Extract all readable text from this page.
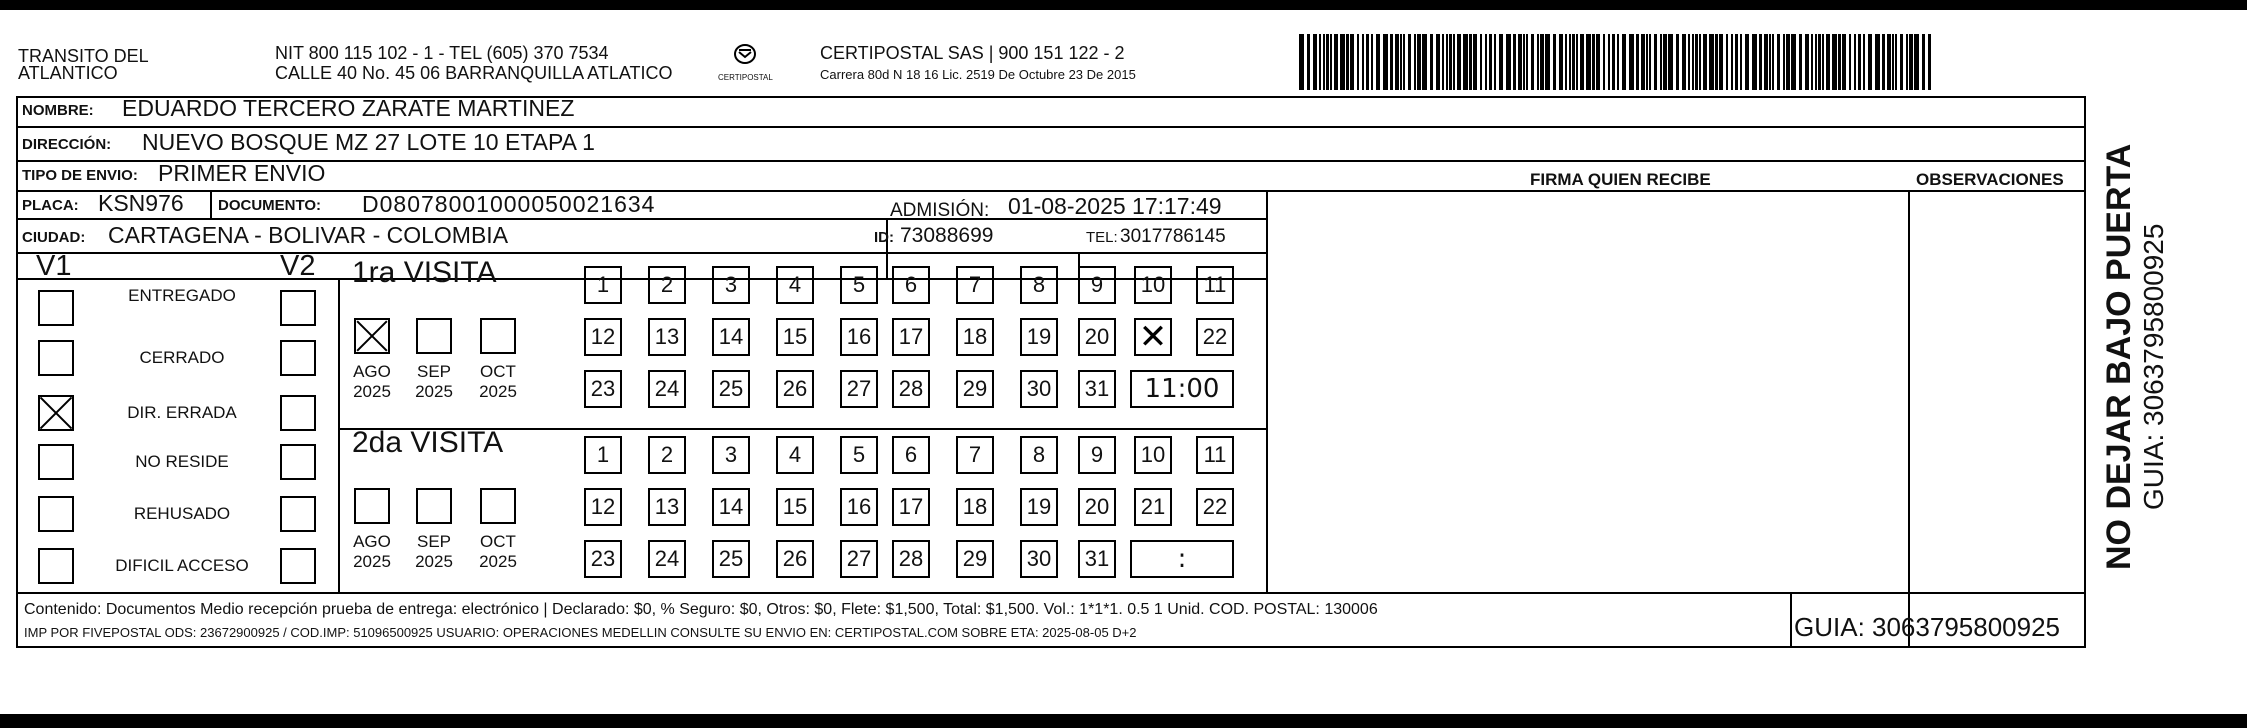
TRANSITO DEL
ATLANTICO
NIT 800 115 102 - 1 - TEL (605) 370 7534
CALLE 40 No. 45 06 BARRANQUILLA ATLATICO	CERTIPOSTAL
CERTIPOSTAL SAS | 900 151 122 - 2
Carrera 80d N 18 16 Lic. 2519 De Octubre 23 De 2015
NOMBRE: EDUARDO TERCERO ZARATE MARTINEZ
DIRECCIÓN: NUEVO BOSQUE MZ 27 LOTE 10 ETAPA 1
TIPO DE ENVIO: PRIMER ENVIO
PLACA: KSN976 DOCUMENTO: D08078001000050021634	ADMISIÓN: 01-08-2025 17:17:49
CIUDAD: CARTAGENA - BOLIVAR - COLOMBIA	ID: 73088699	TEL: 3017786145
FIRMA QUIEN RECIBE	OBSERVACIONES
V1	V2
ENTREGADO
CERRADO
DIR. ERRADA
NO RESIDE
REHUSADO
DIFICIL ACCESO
1ra VISITA
AGO
2025
SEP
2025
OCT
2025
1	2	3	4	5	6	7	8	9	10	11
12	13	14	15	16	17	18	19	20
✕	22
23	24	25	26	27	28	29	30	31	11:00
2da VISITA
AGO
2025
SEP
2025
OCT
2025
1	2	3	4	5	6	7	8	9	10	11
12	13	14	15	16	17	18	19	20	21	22
23	24	25	26	27	28	29	30	31	:
Contenido: Documentos Medio recepción prueba de entrega: electrónico | Declarado: $0, % Seguro: $0, Otros: $0, Flete: $1,500, Total: $1,500. Vol.: 1*1*1. 0.5 1 Unid. COD. POSTAL: 130006
IMP POR FIVEPOSTAL ODS: 23672900925 / COD.IMP: 51096500925 USUARIO: OPERACIONES MEDELLIN CONSULTE SU ENVIO EN: CERTIPOSTAL.COM SOBRE ETA: 2025-08-05 D+2	GUIA: 3063795800925
NO DEJAR BAJO PUERTA GUIA: 3063795800925
